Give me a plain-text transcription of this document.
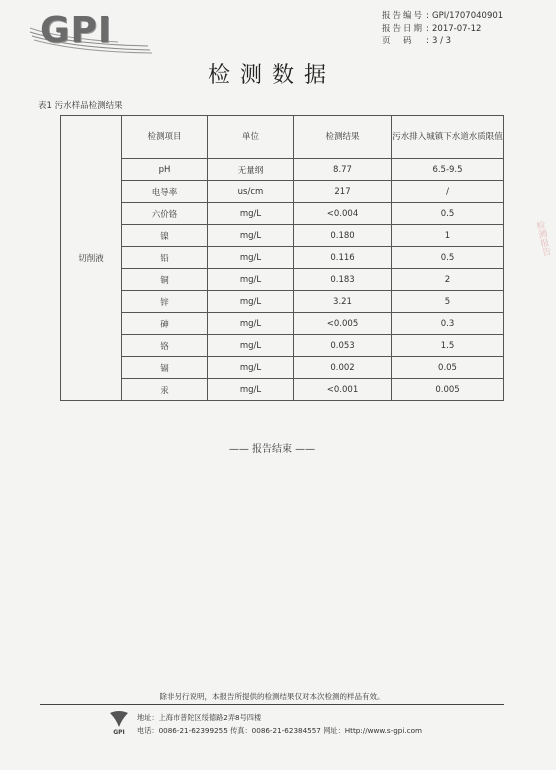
GPI	报告编号 : GPI/1707040901
报告日期 : 2017-07-12
页　码 : 3 / 3
检测数据
表1 污水样品检测结果
切削液	检测项目	单位	检测结果	污水排入城镇下水道水质限值
	pH	无量纲	8.77	6.5-9.5
	电导率	us/cm	217	/
	六价铬	mg/L	<0.004	0.5
	镍	mg/L	0.180	1
	铅	mg/L	0.116	0.5
	铜	mg/L	0.183	2
	锌	mg/L	3.21	5
	砷	mg/L	<0.005	0.3
	铬	mg/L	0.053	1.5
	镉	mg/L	0.002	0.05
	汞	mg/L	<0.001	0.005
检测报告
—— 报告结束 ——
除非另行说明，本报告所提供的检测结果仅对本次检测的样品有效。
GPI
地址：上海市普陀区绥德路2弄8号四楼
电话：0086-21-62399255 传真：0086-21-62384557 网址：Http://www.s-gpi.com
